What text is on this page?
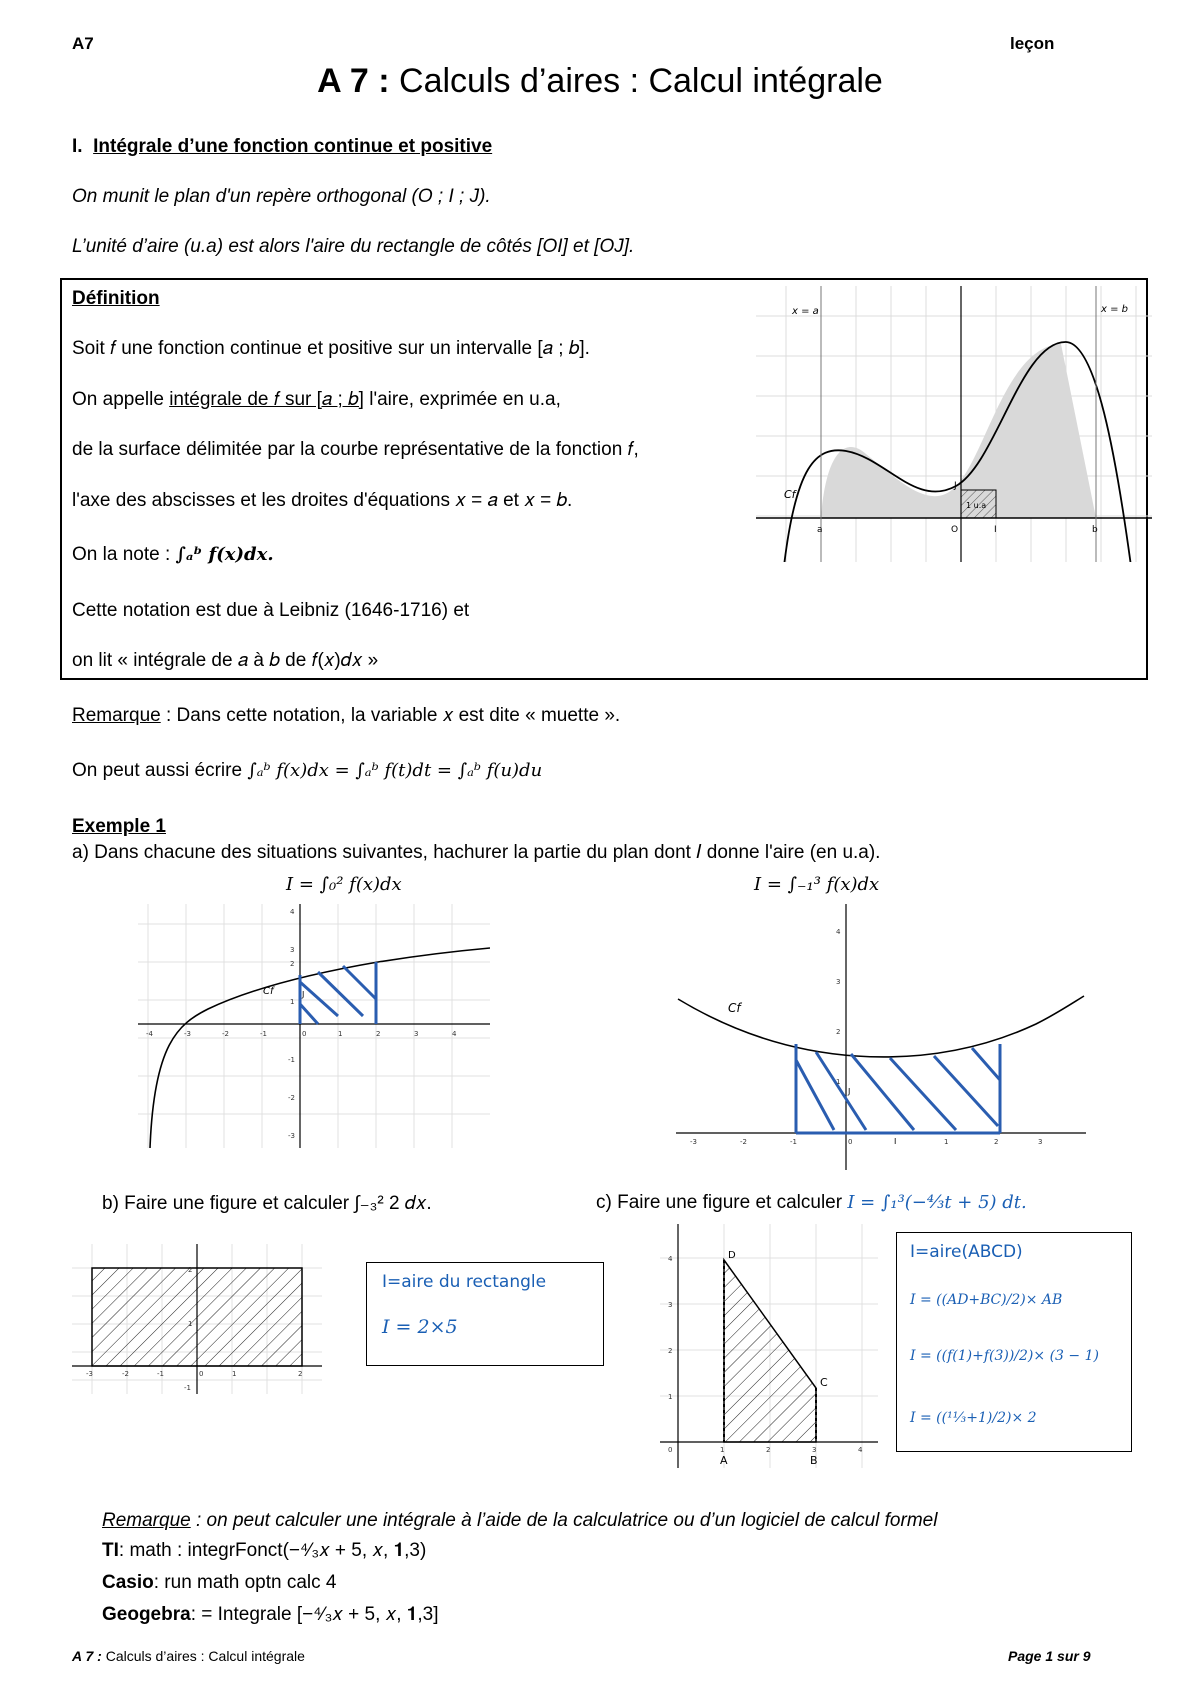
A7	leçon
A 7 : Calculs d’aires : Calcul intégrale
I. Intégrale d’une fonction continue et positive
On munit le plan d'un repère orthogonal (O ; I ; J).
L’unité d’aire (u.a) est alors l'aire du rectangle de côtés [OI] et [OJ].
Définition
Soit 𝑓 une fonction continue et positive sur un intervalle [𝑎 ; 𝑏].
On appelle intégrale de 𝑓 sur [𝑎 ; 𝑏] l'aire, exprimée en u.a,
de la surface délimitée par la courbe représentative de la fonction 𝑓,
l'axe des abscisses et les droites d'équations 𝑥 = 𝑎 et 𝑥 = 𝑏.
On la note : ∫ₐᵇ 𝒇(𝒙)𝒅𝒙.
Cette notation est due à Leibniz (1646-1716) et
on lit « intégrale de 𝑎 à 𝑏 de 𝑓(𝑥)𝑑𝑥 »
x = a	x = b
Cf
a	b
O	I
J
1 u.a
Remarque : Dans cette notation, la variable 𝑥 est dite « muette ».
On peut aussi écrire ∫ₐᵇ 𝑓(𝑥)𝑑𝑥 = ∫ₐᵇ 𝑓(𝑡)𝑑𝑡 = ∫ₐᵇ 𝑓(𝑢)𝑑𝑢
Exemple 1
a) Dans chacune des situations suivantes, hachurer la partie du plan dont 𝐼 donne l'aire (en u.a).
𝐼 = ∫₀² 𝑓(𝑥)𝑑𝑥	𝐼 = ∫₋₁³ 𝑓(𝑥)𝑑𝑥
Cf	J
-4	-3	-2	-1	0	1	2	3	4
4
3
2
1
-1
-2
-3
Cf
J
I
-3	-2	-1	0	1	2	3
4
3
2
1
b) Faire une figure et calculer ∫₋₃² 2 𝑑𝑥.	c) Faire une figure et calculer 𝐼 = ∫₁³(−⁴⁄₃𝑡 + 5) 𝑑𝑡.
-3	-2	-1	0	1	2
2
1
-1
I=aire du rectangle
𝐼 = 2×5
0	1	2	3	4
4
3
2
1
A	B
C
D	I=aire(ABCD)
𝐼 = ((𝐴𝐷+𝐵𝐶)/2)× 𝐴𝐵
𝐼 = ((𝑓(1)+𝑓(3))/2)× (3 − 1)
𝐼 = ((¹¹⁄₃+1)/2)× 2
Remarque : on peut calculer une intégrale à l’aide de la calculatrice ou d’un logiciel de calcul formel
TI: math : integrFonct(−⁴⁄₃𝑥 + 5, 𝑥, 𝟏,3)
Casio: run math optn calc 4
Geogebra: = Integrale [−⁴⁄₃𝑥 + 5, 𝑥, 𝟏,3]
A 7 : Calculs d’aires : Calcul intégrale	Page 1 sur 9
